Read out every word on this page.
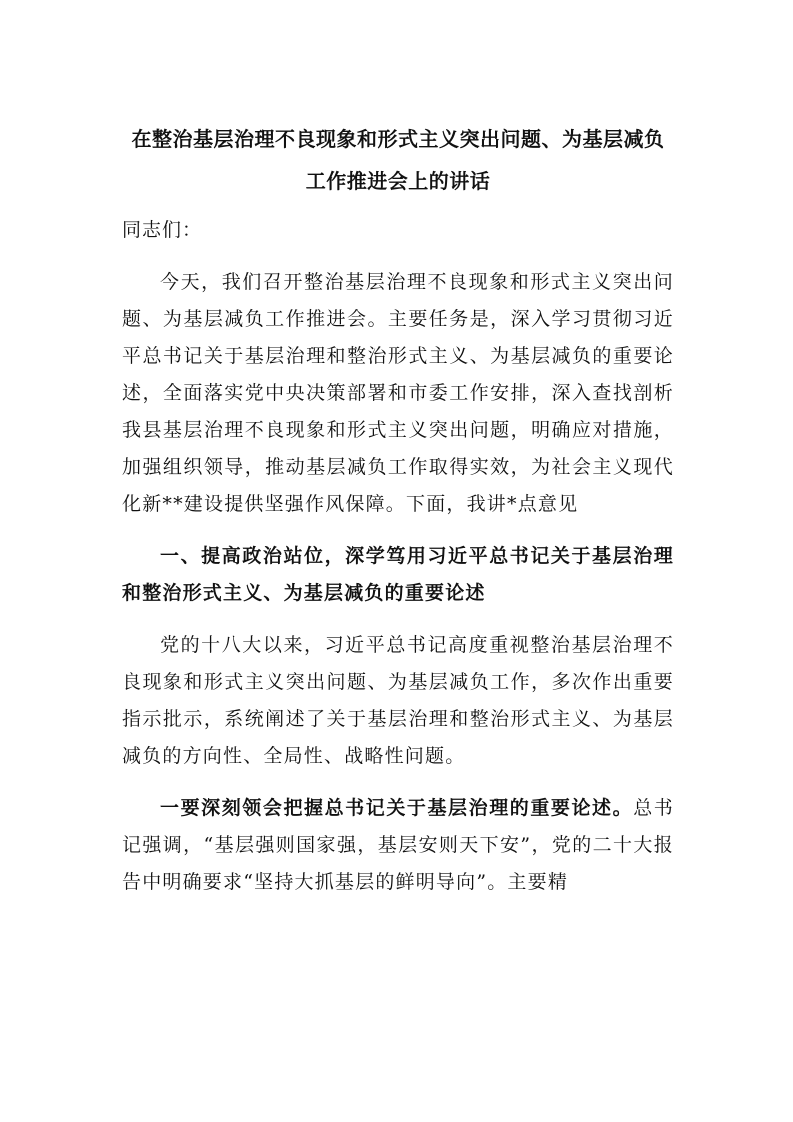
在整治基层治理不良现象和形式主义突出问题、为基层减负
工作推进会上的讲话

同志们：

今天，我们召开整治基层治理不良现象和形式主义突出问题、为基层减负工作推进会。主要任务是，深入学习贯彻习近平总书记关于基层治理和整治形式主义、为基层减负的重要论述，全面落实党中央决策部署和市委工作安排，深入查找剖析我县基层治理不良现象和形式主义突出问题，明确应对措施，加强组织领导，推动基层减负工作取得实效，为社会主义现代化新**建设提供坚强作风保障。下面，我讲*点意见

一、提高政治站位，深学笃用习近平总书记关于基层治理和整治形式主义、为基层减负的重要论述

党的十八大以来，习近平总书记高度重视整治基层治理不良现象和形式主义突出问题、为基层减负工作，多次作出重要指示批示，系统阐述了关于基层治理和整治形式主义、为基层减负的方向性、全局性、战略性问题。

一要深刻领会把握总书记关于基层治理的重要论述。总书记强调，“基层强则国家强，基层安则天下安”，党的二十大报告中明确要求“坚持大抓基层的鲜明导向”。主要精
